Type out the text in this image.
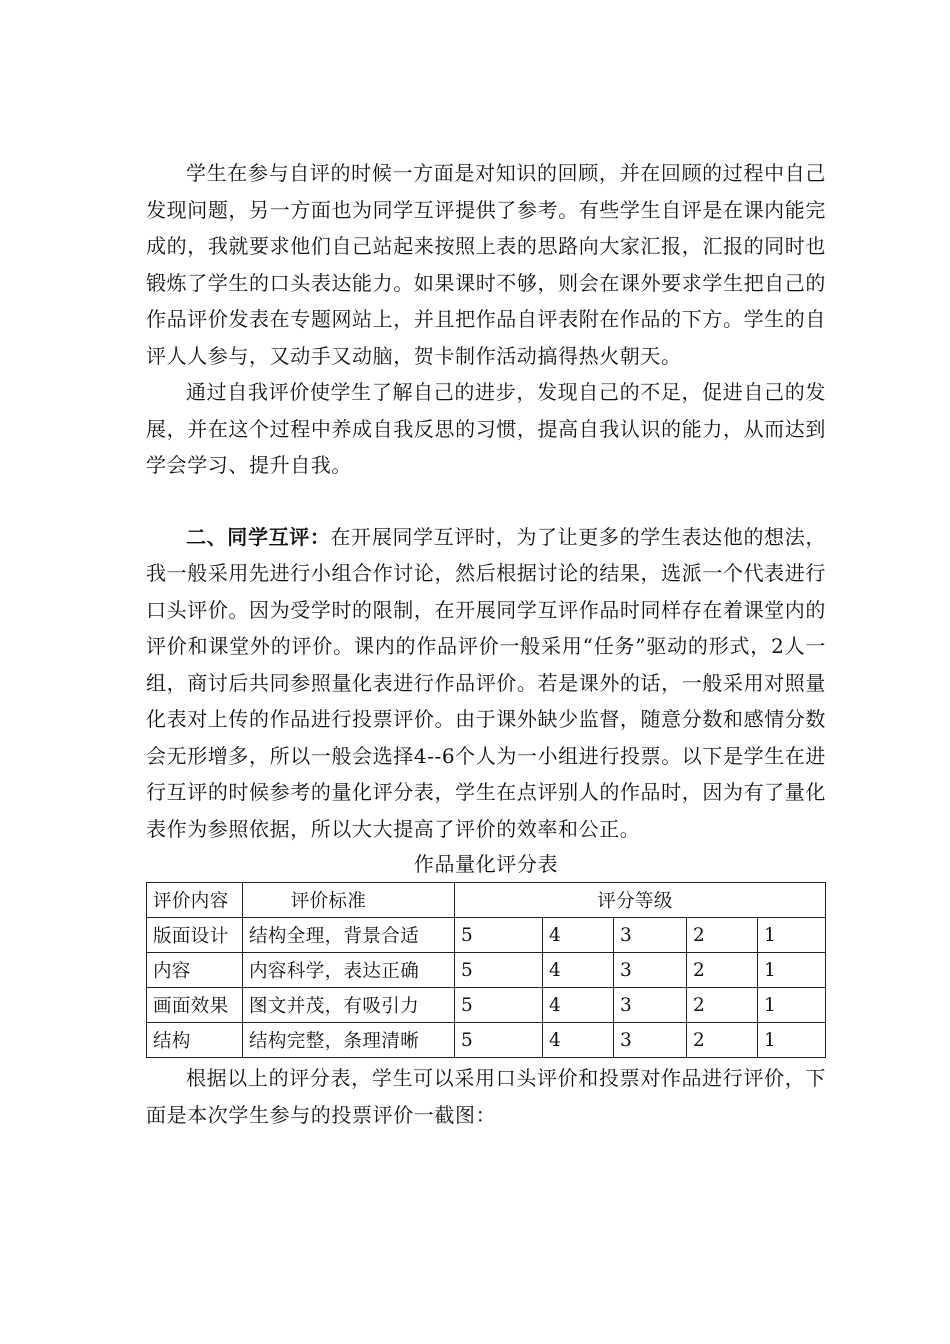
学生在参与自评的时候一方面是对知识的回顾，并在回顾的过程中自己发现问题，另一方面也为同学互评提供了参考。有些学生自评是在课内能完成的，我就要求他们自己站起来按照上表的思路向大家汇报，汇报的同时也锻炼了学生的口头表达能力。如果课时不够，则会在课外要求学生把自己的作品评价发表在专题网站上，并且把作品自评表附在作品的下方。学生的自评人人参与，又动手又动脑，贺卡制作活动搞得热火朝天。

通过自我评价使学生了解自己的进步，发现自己的不足，促进自己的发展，并在这个过程中养成自我反思的习惯，提高自我认识的能力，从而达到学会学习、提升自我。

二、同学互评：在开展同学互评时，为了让更多的学生表达他的想法，我一般采用先进行小组合作讨论，然后根据讨论的结果，选派一个代表进行口头评价。因为受学时的限制，在开展同学互评作品时同样存在着课堂内的评价和课堂外的评价。课内的作品评价一般采用“任务”驱动的形式，2人一组，商讨后共同参照量化表进行作品评价。若是课外的话，一般采用对照量化表对上传的作品进行投票评价。由于课外缺少监督，随意分数和感情分数会无形增多，所以一般会选择4--6个人为一小组进行投票。以下是学生在进行互评的时候参考的量化评分表，学生在点评别人的作品时，因为有了量化表作为参照依据，所以大大提高了评价的效率和公正。

作品量化评分表
评价内容	评价标准	评分等级				
版面设计	结构全理，背景合适	5	4	3	2	1
内容	内容科学，表达正确	5	4	3	2	1
画面效果	图文并茂，有吸引力	5	4	3	2	1
结构	结构完整，条理清晰	5	4	3	2	1

根据以上的评分表，学生可以采用口头评价和投票对作品进行评价，下面是本次学生参与的投票评价一截图：
